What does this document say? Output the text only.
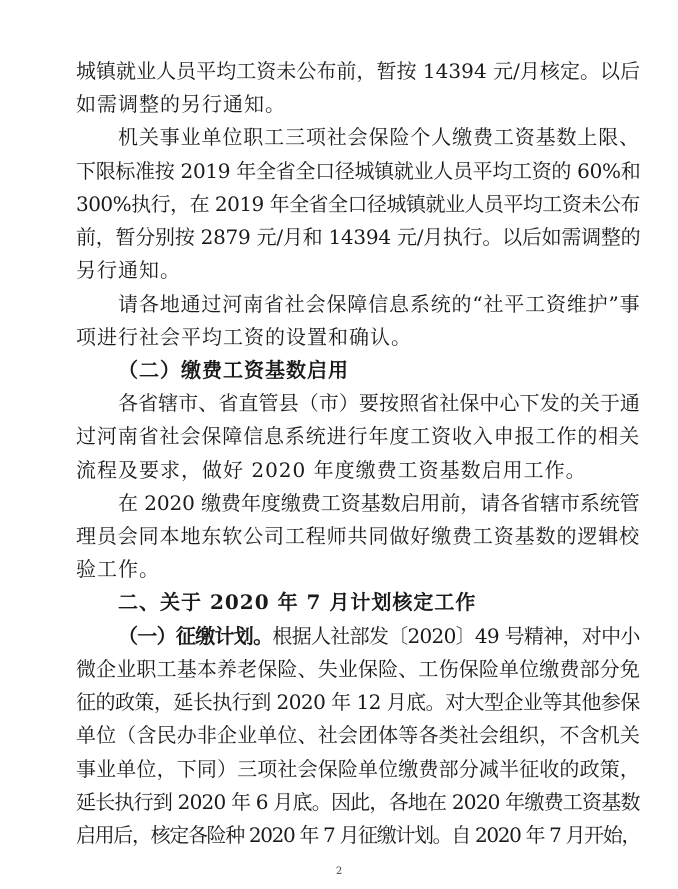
城镇就业人员平均工资未公布前，暂按 14394 元/月核定。以后
如需调整的另行通知。
机关事业单位职工三项社会保险个人缴费工资基数上限、
下限标准按 2019 年全省全口径城镇就业人员平均工资的 60%和
300%执行，在 2019 年全省全口径城镇就业人员平均工资未公布
前，暂分别按 2879 元/月和 14394 元/月执行。以后如需调整的
另行通知。
请各地通过河南省社会保障信息系统的“社平工资维护”事
项进行社会平均工资的设置和确认。
（二）缴费工资基数启用
各省辖市、省直管县（市）要按照省社保中心下发的关于通
过河南省社会保障信息系统进行年度工资收入申报工作的相关
流程及要求，做好 2020 年度缴费工资基数启用工作。
在 2020 缴费年度缴费工资基数启用前，请各省辖市系统管
理员会同本地东软公司工程师共同做好缴费工资基数的逻辑校
验工作。
二、关于 2020 年 7 月计划核定工作
（一）征缴计划。根据人社部发〔2020〕49 号精神，对中小
微企业职工基本养老保险、失业保险、工伤保险单位缴费部分免
征的政策，延长执行到 2020 年 12 月底。对大型企业等其他参保
单位（含民办非企业单位、社会团体等各类社会组织，不含机关
事业单位，下同）三项社会保险单位缴费部分减半征收的政策，
延长执行到 2020 年 6 月底。因此，各地在 2020 年缴费工资基数
启用后，核定各险种 2020 年 7 月征缴计划。自 2020 年 7 月开始，
2
